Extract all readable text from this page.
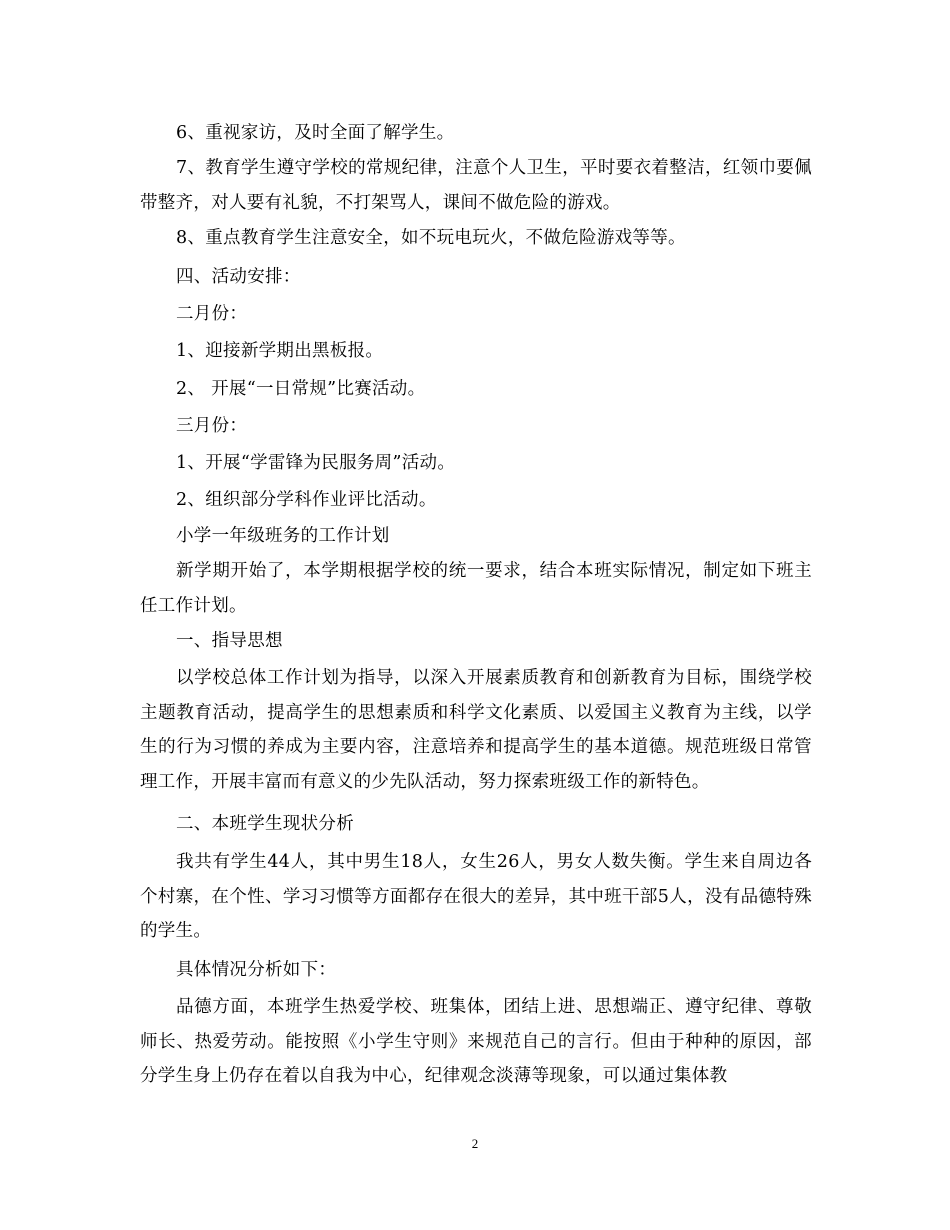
6、重视家访，及时全面了解学生。

7、教育学生遵守学校的常规纪律，注意个人卫生，平时要衣着整洁，红领巾要佩带整齐，对人要有礼貌，不打架骂人，课间不做危险的游戏。

8、重点教育学生注意安全，如不玩电玩火，不做危险游戏等等。

四、活动安排：

二月份：

1、迎接新学期出黑板报。

2、 开展“一日常规”比赛活动。

三月份：

1、开展“学雷锋为民服务周”活动。

2、组织部分学科作业评比活动。

小学一年级班务的工作计划

新学期开始了，本学期根据学校的统一要求，结合本班实际情况，制定如下班主任工作计划。

一、指导思想

以学校总体工作计划为指导，以深入开展素质教育和创新教育为目标，围绕学校主题教育活动，提高学生的思想素质和科学文化素质、以爱国主义教育为主线，以学生的行为习惯的养成为主要内容，注意培养和提高学生的基本道德。规范班级日常管理工作，开展丰富而有意义的少先队活动，努力探索班级工作的新特色。

二、本班学生现状分析

我共有学生44人，其中男生18人，女生26人，男女人数失衡。学生来自周边各个村寨，在个性、学习习惯等方面都存在很大的差异，其中班干部5人，没有品德特殊的学生。

具体情况分析如下：

品德方面，本班学生热爱学校、班集体，团结上进、思想端正、遵守纪律、尊敬师长、热爱劳动。能按照《小学生守则》来规范自己的言行。但由于种种的原因，部分学生身上仍存在着以自我为中心，纪律观念淡薄等现象，可以通过集体教

2
